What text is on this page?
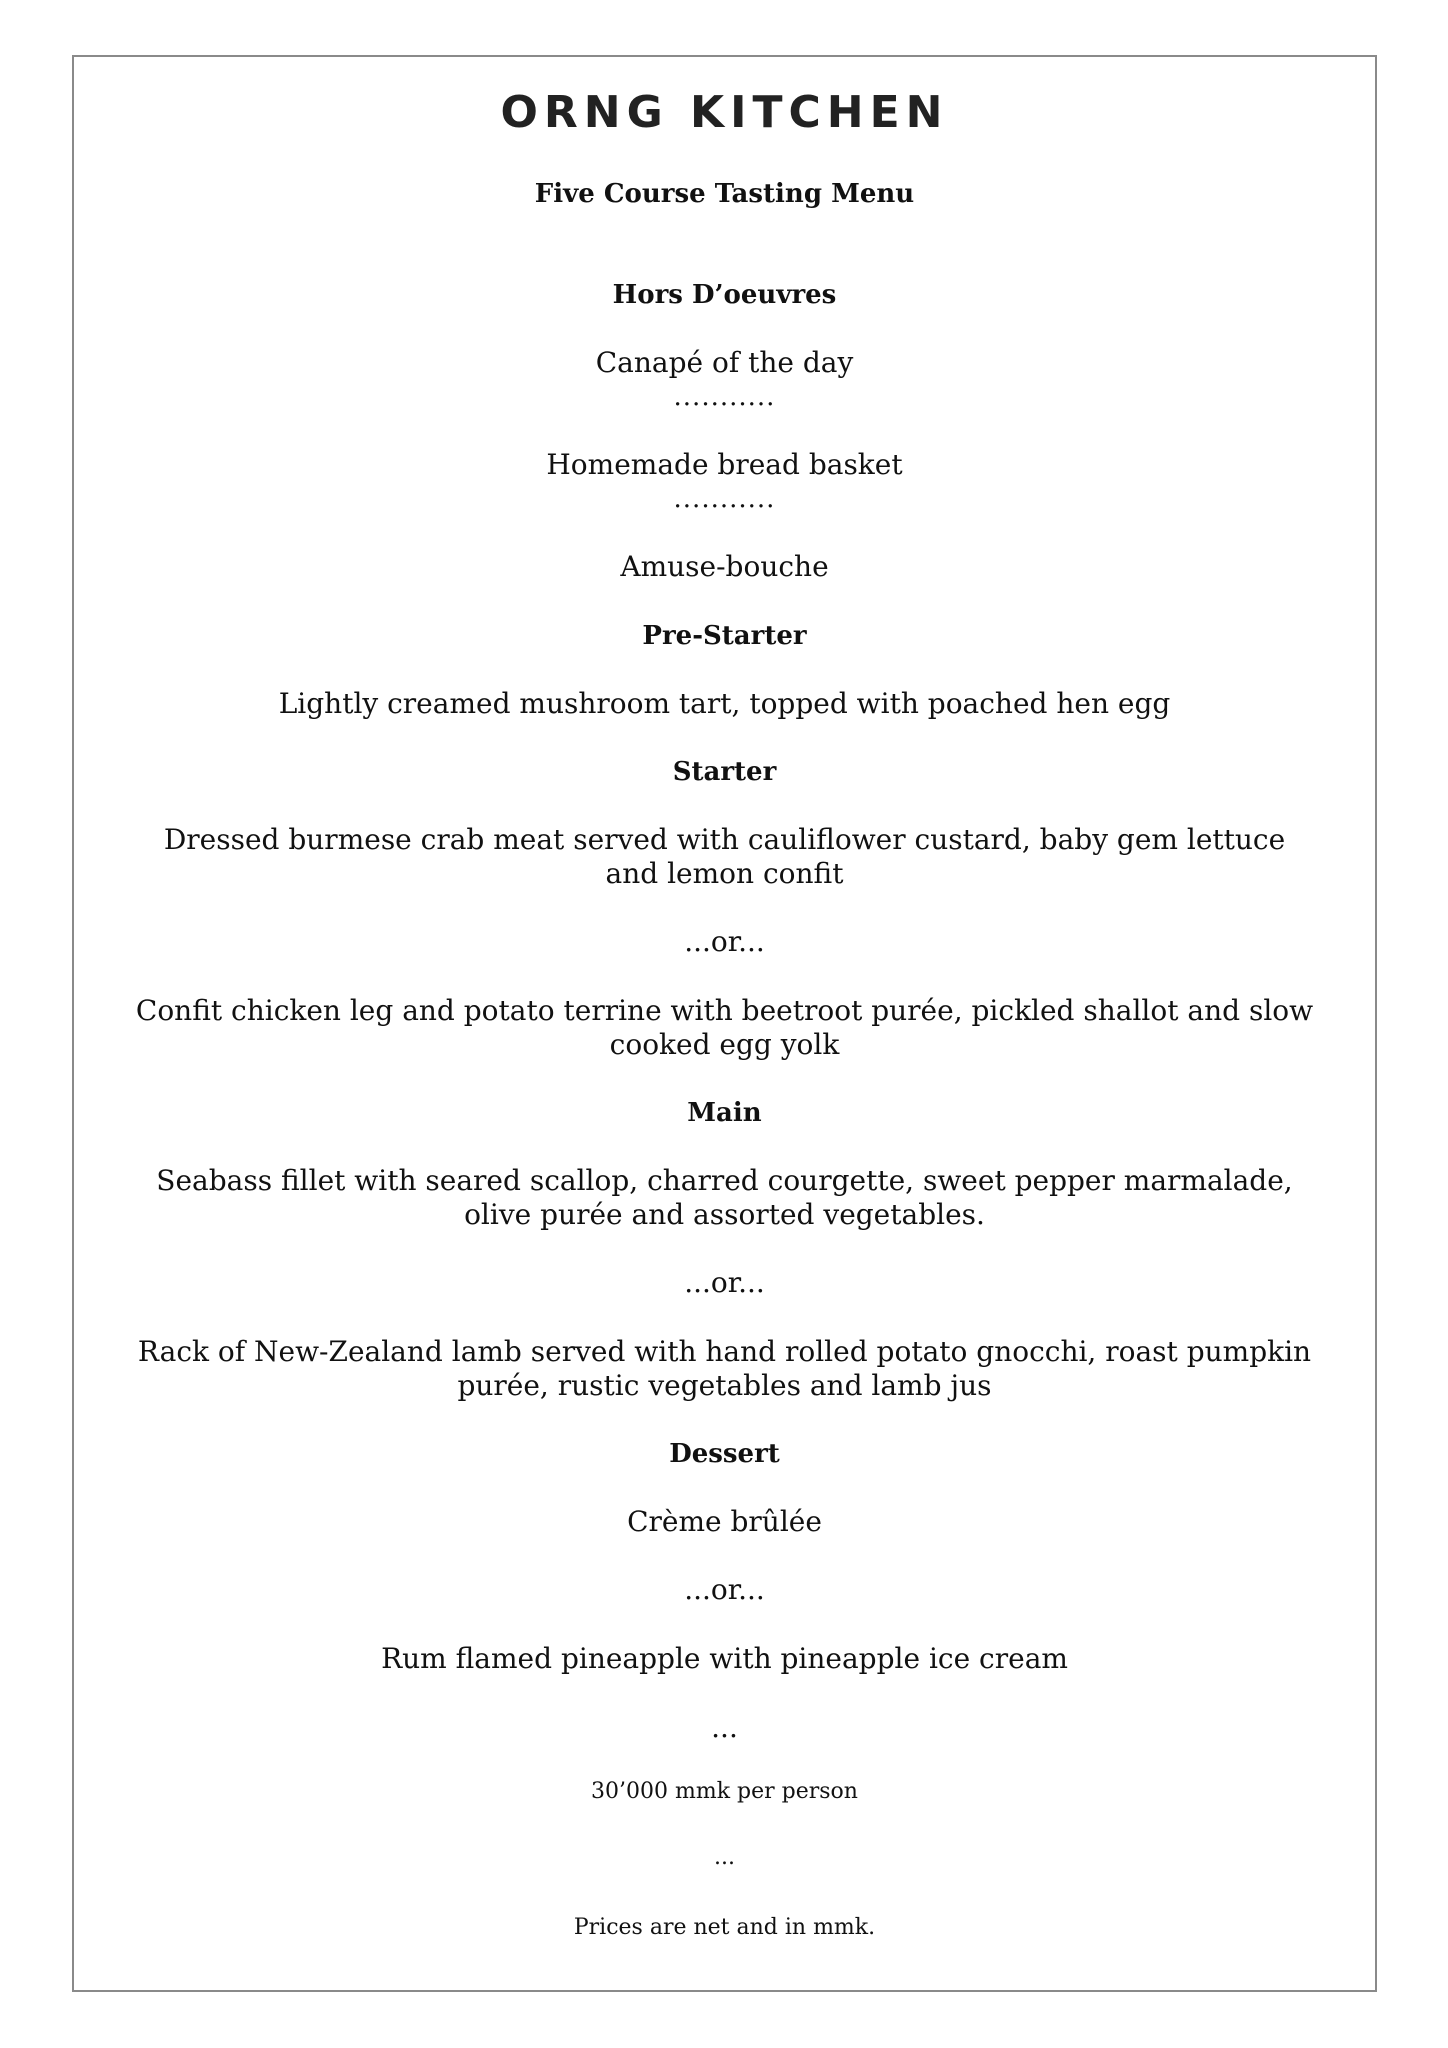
ORNG KITCHEN
Five Course Tasting Menu
Hors D’oeuvres
Canapé of the day
...........
Homemade bread basket
...........
Amuse-bouche
Pre-Starter
Lightly creamed mushroom tart, topped with poached hen egg
Starter
Dressed burmese crab meat served with cauliflower custard, baby gem lettuce and lemon confit
...or...
Confit chicken leg and potato terrine with beetroot purée, pickled shallot and slow cooked egg yolk
Main
Seabass fillet with seared scallop, charred courgette, sweet pepper marmalade, olive purée and assorted vegetables.
...or...
Rack of New-Zealand lamb served with hand rolled potato gnocchi, roast pumpkin purée, rustic vegetables and lamb jus
Dessert
Crème brûlée
...or...
Rum flamed pineapple with pineapple ice cream
...
30’000 mmk per person
...
Prices are net and in mmk.
